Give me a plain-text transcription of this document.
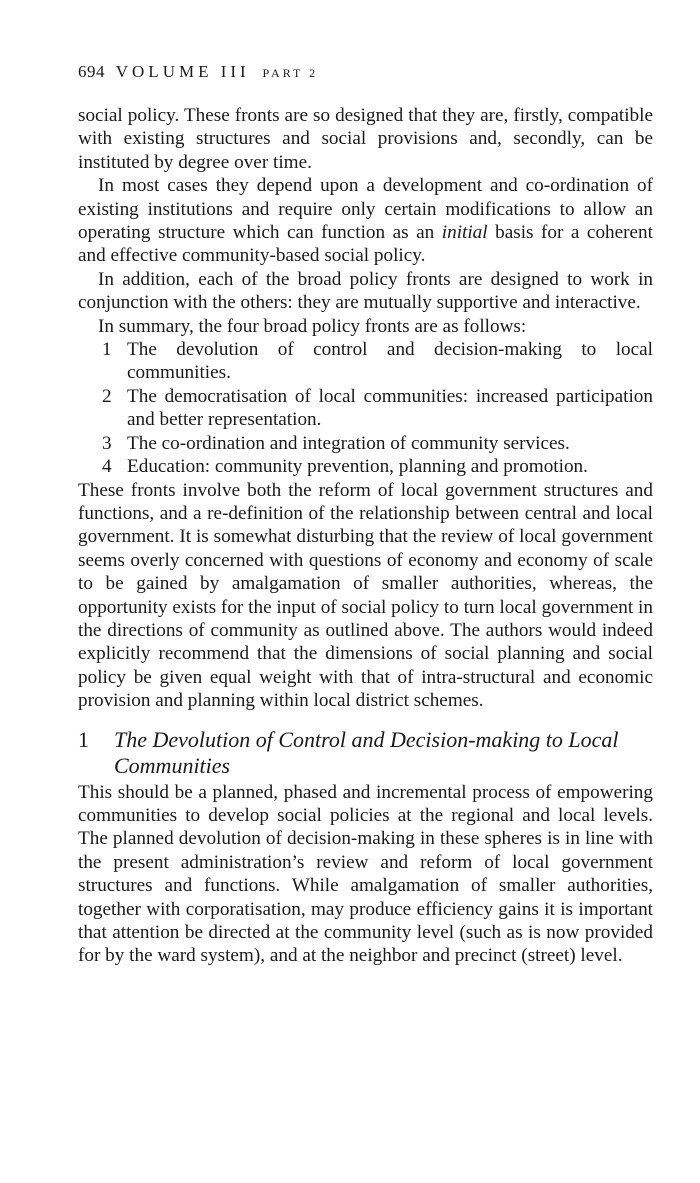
694 VOLUME III PART 2

social policy. These fronts are so designed that they are, firstly, compatible with existing structures and social provisions and, secondly, can be instituted by degree over time.

In most cases they depend upon a development and co-ordination of existing institutions and require only certain modifications to allow an operating structure which can function as an initial basis for a coherent and effective community-based social policy.

In addition, each of the broad policy fronts are designed to work in conjunction with the others: they are mutually supportive and interactive.

In summary, the four broad policy fronts are as follows:

1 The devolution of control and decision-making to local communities.
2 The democratisation of local communities: increased participation and better representation.
3 The co-ordination and integration of community services.
4 Education: community prevention, planning and promotion.

These fronts involve both the reform of local government structures and functions, and a re-definition of the relationship between central and local government. It is somewhat disturbing that the review of local government seems overly concerned with questions of economy and economy of scale to be gained by amalgamation of smaller authorities, whereas, the opportunity exists for the input of social policy to turn local government in the directions of community as outlined above. The authors would indeed explicitly recommend that the dimensions of social planning and social policy be given equal weight with that of intra-structural and economic provision and planning within local district schemes.

1	The Devolution of Control and Decision-making to Local Communities

This should be a planned, phased and incremental process of empowering communities to develop social policies at the regional and local levels. The planned devolution of decision-making in these spheres is in line with the present administration’s review and reform of local government structures and functions. While amalgamation of smaller authorities, together with corporatisation, may produce efficiency gains it is important that attention be directed at the community level (such as is now provided for by the ward system), and at the neighbor and precinct (street) level.
